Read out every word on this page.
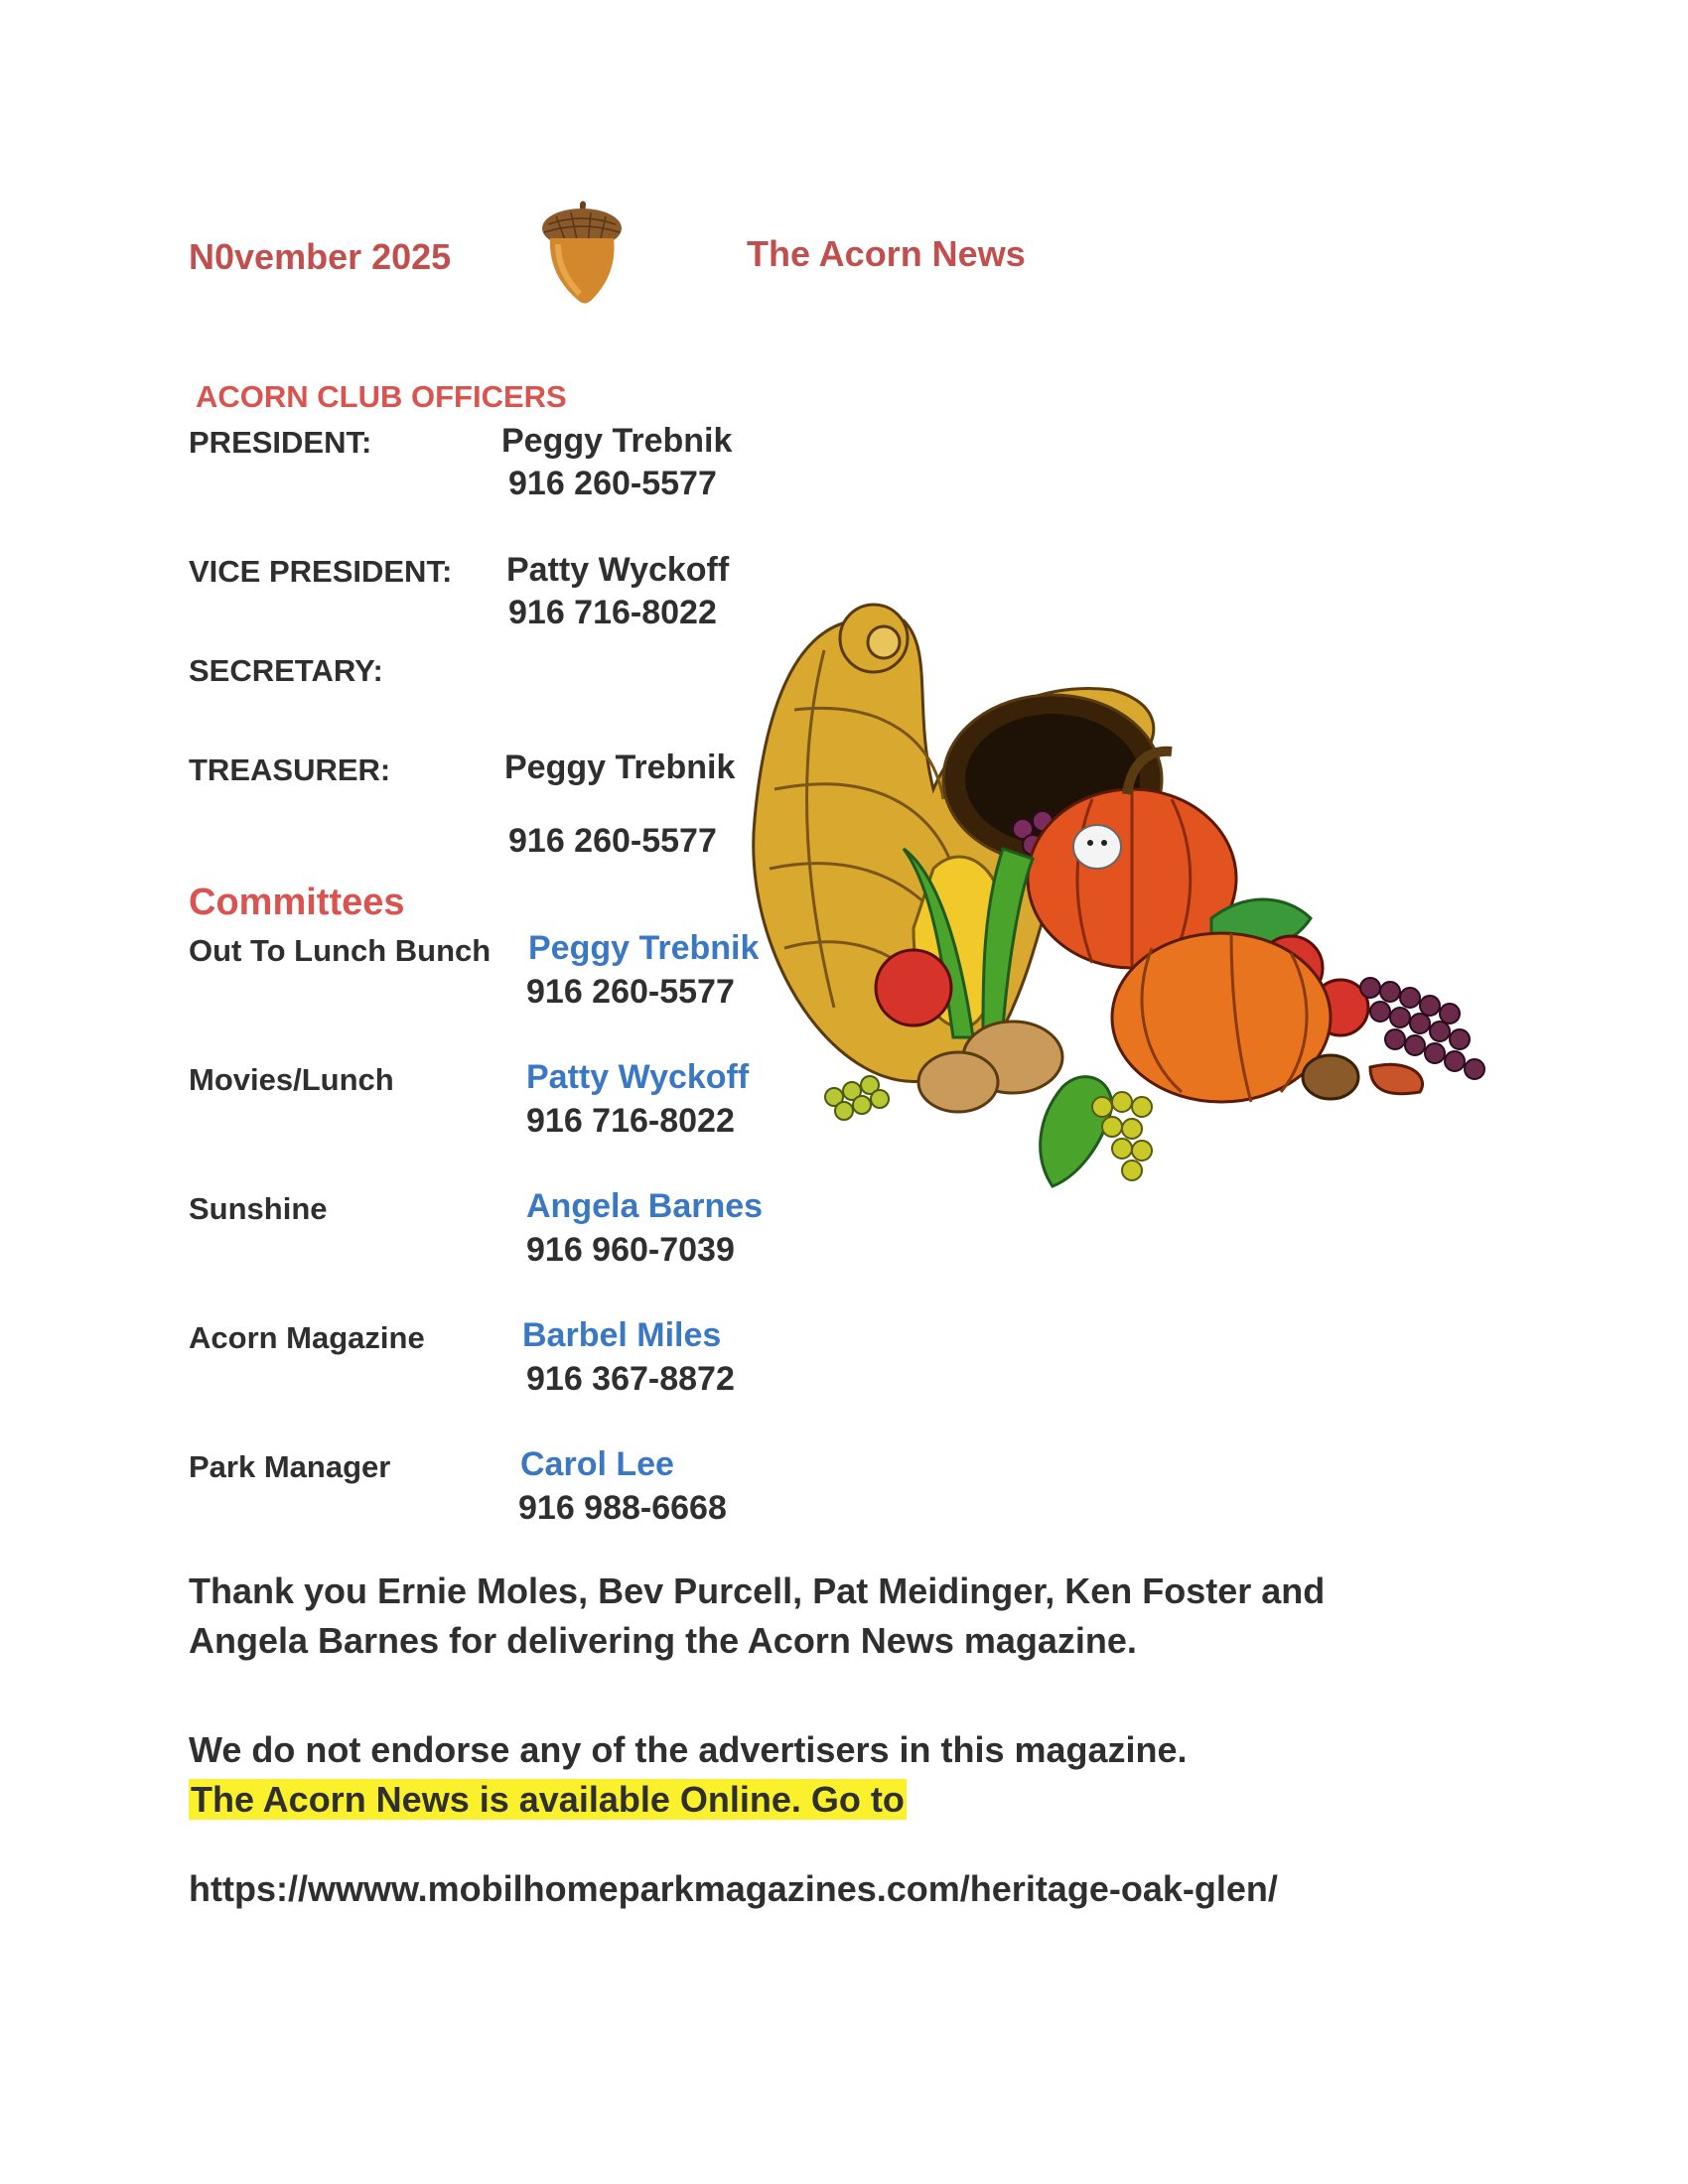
N0vember 2025	The Acorn News
ACORN CLUB OFFICERS
PRESIDENT:	Peggy Trebnik
916 260-5577
VICE PRESIDENT: Patty Wyckoff
916 716-8022
SECRETARY:
TREASURER:	Peggy Trebnik
916 260-5577
Committees
Out To Lunch Bunch Peggy Trebnik
916 260-5577
Movies/Lunch	Patty Wyckoff
916 716-8022
Sunshine	Angela Barnes
916 960-7039
Acorn Magazine	Barbel Miles
916 367-8872
Park Manager	Carol Lee
916 988-6668
Thank you Ernie Moles, Bev Purcell, Pat Meidinger, Ken Foster and
Angela Barnes for delivering the Acorn News magazine.
We do not endorse any of the advertisers in this magazine.
The Acorn News is available Online. Go to
https://wwww.mobilhomeparkmagazines.com/heritage-oak-glen/
